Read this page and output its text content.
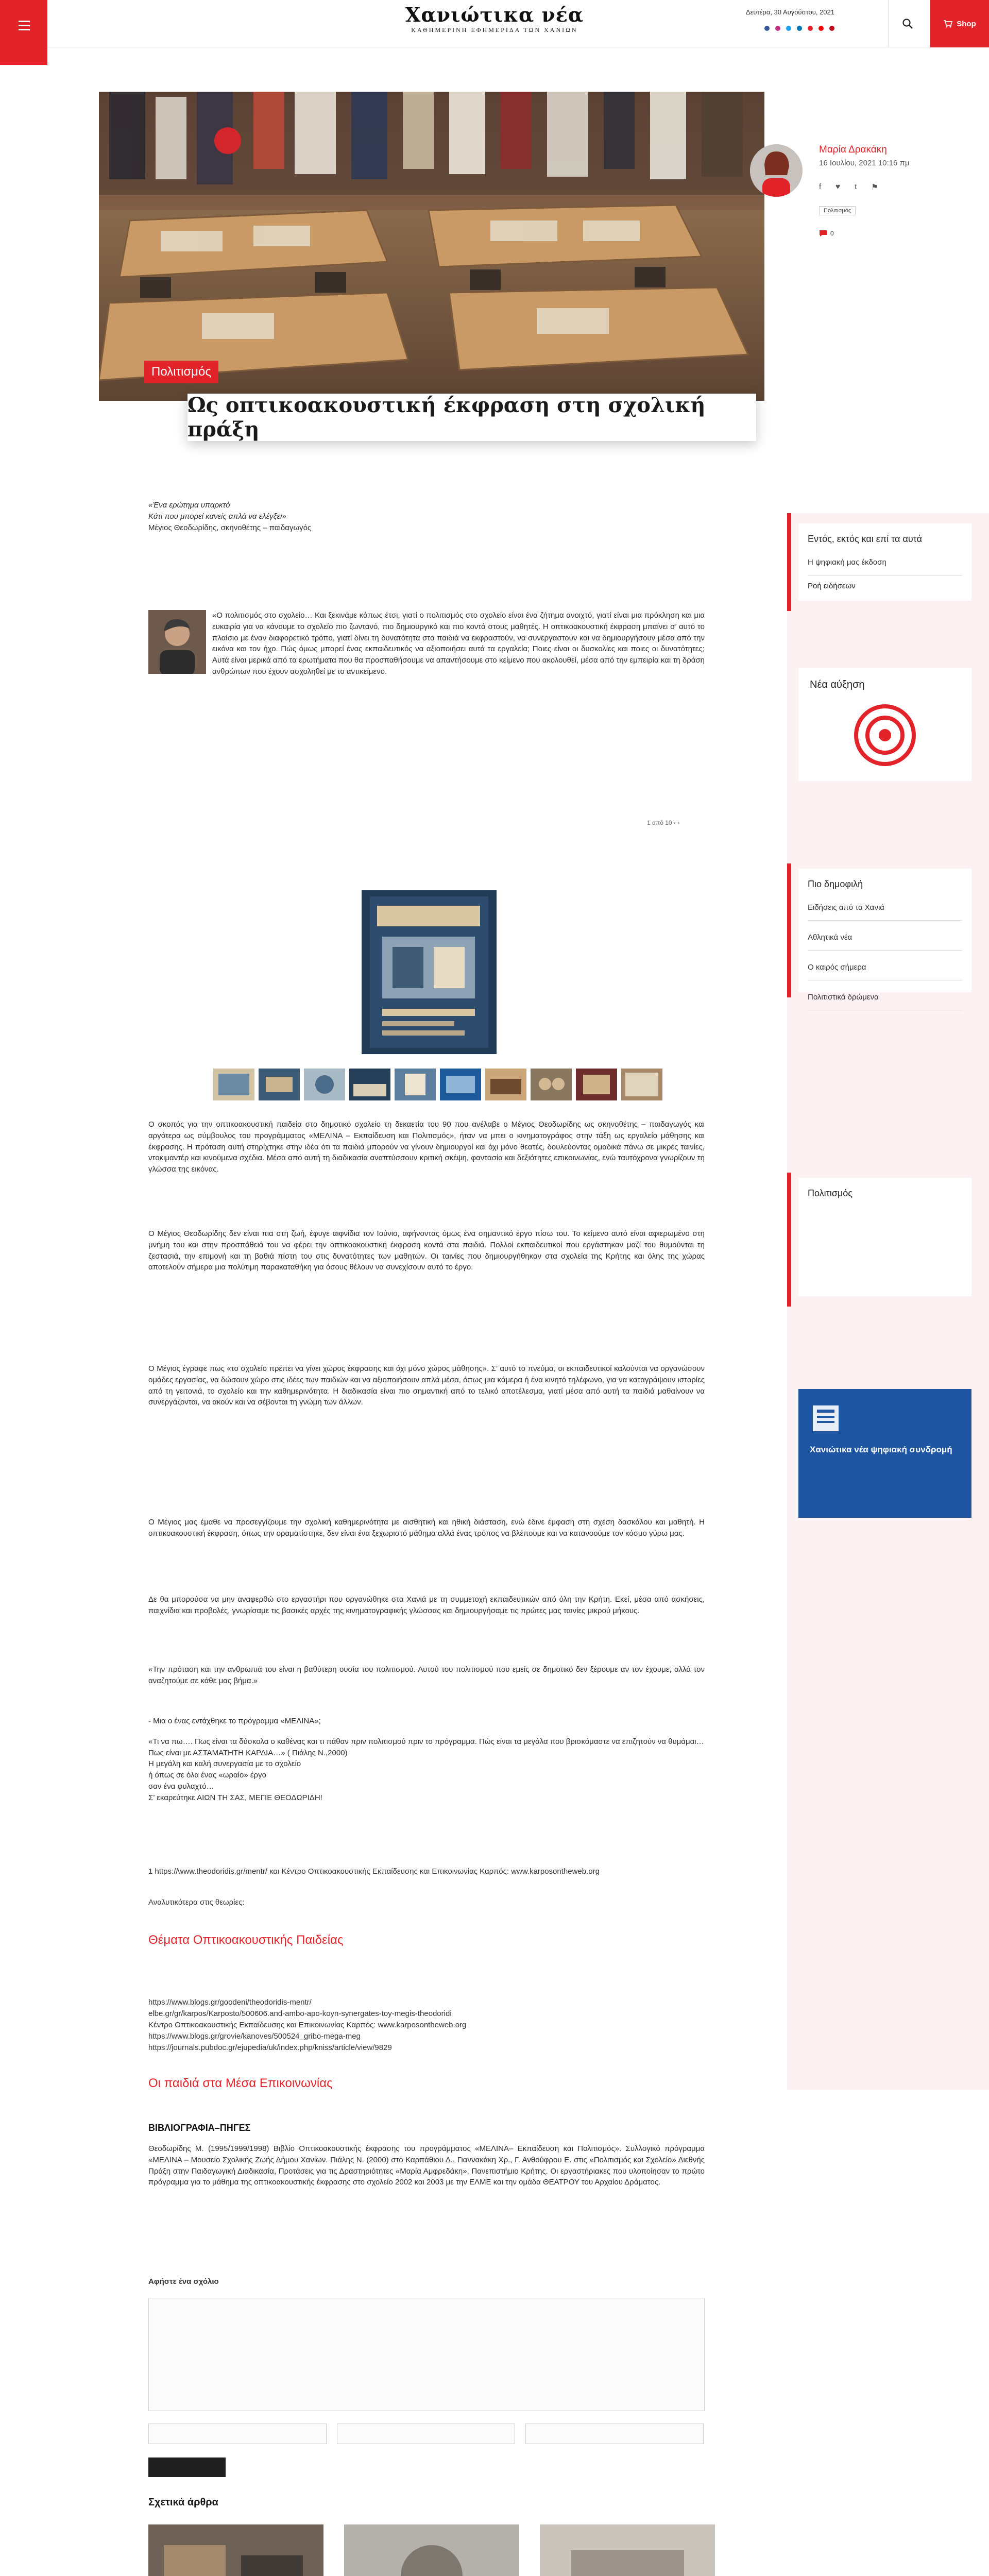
Χανιώτικα νέα
ΚΑΘΗΜΕΡΙΝΗ ΕΦΗΜΕΡΙΔΑ ΤΩΝ ΧΑΝΙΩΝ
Δευτέρα, 30 Αυγούστου, 2021
Shop
Πολιτισμός
Ως οπτικοακουστική έκφραση στη σχολική πράξη
Μαρία Δρακάκη
16 Ιουλίου, 2021 10:16 πμ
f ♥ t ⚑
Πολιτισμός
0

«Ένα ερώτημα υπαρκτό

Κάτι που μπορεί κανείς απλά να ελέγξει»

Μέγιος Θεοδωρίδης, σκηνοθέτης – παιδαγωγός

«Ο πολιτισμός στο σχολείο… Και ξεκινάμε κάπως έτσι, γιατί ο πολιτισμός στο σχολείο είναι ένα ζήτημα ανοιχτό, γιατί είναι μια πρόκληση και μια ευκαιρία για να κάνουμε το σχολείο πιο ζωντανό, πιο δημιουργικό και πιο κοντά στους μαθητές. Η οπτικοακουστική έκφραση μπαίνει σ’ αυτό το πλαίσιο με έναν διαφορετικό τρόπο, γιατί δίνει τη δυνατότητα στα παιδιά να εκφραστούν, να συνεργαστούν και να δημιουργήσουν μέσα από την εικόνα και τον ήχο. Πώς όμως μπορεί ένας εκπαιδευτικός να αξιοποιήσει αυτά τα εργαλεία; Ποιες είναι οι δυσκολίες και ποιες οι δυνατότητες; Αυτά είναι μερικά από τα ερωτήματα που θα προσπαθήσουμε να απαντήσουμε στο κείμενο που ακολουθεί, μέσα από την εμπειρία και τη δράση ανθρώπων που έχουν ασχοληθεί με το αντικείμενο.

1 από 10 ‹ ›

Ο σκοπός για την οπτικοακουστική παιδεία στο δημοτικό σχολείο τη δεκαετία του 90 που ανέλαβε ο Μέγιος Θεοδωρίδης ως σκηνοθέτης – παιδαγωγός και αργότερα ως σύμβουλος του προγράμματος «ΜΕΛΙΝΑ – Εκπαίδευση και Πολιτισμός», ήταν να μπει ο κινηματογράφος στην τάξη ως εργαλείο μάθησης και έκφρασης. Η πρόταση αυτή στηρίχτηκε στην ιδέα ότι τα παιδιά μπορούν να γίνουν δημιουργοί και όχι μόνο θεατές, δουλεύοντας ομαδικά πάνω σε μικρές ταινίες, ντοκιμαντέρ και κινούμενα σχέδια. Μέσα από αυτή τη διαδικασία αναπτύσσουν κριτική σκέψη, φαντασία και δεξιότητες επικοινωνίας, ενώ ταυτόχρονα γνωρίζουν τη γλώσσα της εικόνας.

Ο Μέγιος Θεοδωρίδης δεν είναι πια στη ζωή, έφυγε αιφνίδια τον Ιούνιο, αφήνοντας όμως ένα σημαντικό έργο πίσω του. Το κείμενο αυτό είναι αφιερωμένο στη μνήμη του και στην προσπάθειά του να φέρει την οπτικοακουστική έκφραση κοντά στα παιδιά. Πολλοί εκπαιδευτικοί που εργάστηκαν μαζί του θυμούνται τη ζεστασιά, την επιμονή και τη βαθιά πίστη του στις δυνατότητες των μαθητών. Οι ταινίες που δημιουργήθηκαν στα σχολεία της Κρήτης και όλης της χώρας αποτελούν σήμερα μια πολύτιμη παρακαταθήκη για όσους θέλουν να συνεχίσουν αυτό το έργο.

Ο Μέγιος έγραφε πως «το σχολείο πρέπει να γίνει χώρος έκφρασης και όχι μόνο χώρος μάθησης». Σ’ αυτό το πνεύμα, οι εκπαιδευτικοί καλούνται να οργανώσουν ομάδες εργασίας, να δώσουν χώρο στις ιδέες των παιδιών και να αξιοποιήσουν απλά μέσα, όπως μια κάμερα ή ένα κινητό τηλέφωνο, για να καταγράψουν ιστορίες από τη γειτονιά, το σχολείο και την καθημερινότητα. Η διαδικασία είναι πιο σημαντική από το τελικό αποτέλεσμα, γιατί μέσα από αυτή τα παιδιά μαθαίνουν να συνεργάζονται, να ακούν και να σέβονται τη γνώμη των άλλων.

Ο Μέγιος μας έμαθε να προσεγγίζουμε την σχολική καθημερινότητα με αισθητική και ηθική διάσταση, ενώ έδινε έμφαση στη σχέση δασκάλου και μαθητή. Η οπτικοακουστική έκφραση, όπως την οραματίστηκε, δεν είναι ένα ξεχωριστό μάθημα αλλά ένας τρόπος να βλέπουμε και να κατανοούμε τον κόσμο γύρω μας.

Δε θα μπορούσα να μην αναφερθώ στο εργαστήρι που οργανώθηκε στα Χανιά με τη συμμετοχή εκπαιδευτικών από όλη την Κρήτη. Εκεί, μέσα από ασκήσεις, παιχνίδια και προβολές, γνωρίσαμε τις βασικές αρχές της κινηματογραφικής γλώσσας και δημιουργήσαμε τις πρώτες μας ταινίες μικρού μήκους.

«Την πρόταση και την ανθρωπιά του είναι η βαθύτερη ουσία του πολιτισμού. Αυτού του πολιτισμού που εμείς σε δημοτικό δεν ξέρουμε αν τον έχουμε, αλλά τον αναζητούμε σε κάθε μας βήμα.»

- Μια ο ένας εντάχθηκε το πρόγραμμα «ΜΕΛΙΝΑ»;

«Τι να πω…. Πως είναι τα δύσκολα ο καθένας και τι πάθαν πριν πολιτισμού πριν το πρόγραμμα. Πώς είναι τα μεγάλα που βρισκόμαστε να επιζητούν να θυμάμαι…

Πως είναι με ΑΣΤΑΜΑΤΗΤΗ ΚΑΡΔΙΑ…» ( Πιάλης Ν.,2000)

Η μεγάλη και καλή συνεργασία με το σχολείο

ή όπως σε όλα ένας «ωραίο» έργο

σαν ένα φυλαχτό…

Σ’ εκαρεύτηκε ΑΙΩΝ ΤΗ ΣΑΣ, ΜΕΓΙΕ ΘΕΟΔΩΡΙΔΗ!

1 https://www.theodoridis.gr/mentr/ και Κέντρο Οπτικοακουστικής Εκπαίδευσης και Επικοινωνίας Καρπός: www.karposontheweb.org
Αναλυτικότερα στις θεωρίες:
Θέματα Οπτικοακουστικής Παιδείας
https://www.blogs.gr/goodeni/theodoridis-mentr/
elbe.gr/gr/karpos/Karposto/500606.and-ambo-apo-koyn-synergates-toy-megis-theodoridi
Κέντρο Οπτικοακουστικής Εκπαίδευσης και Επικοινωνίας Καρπός: www.karposontheweb.org
https://www.blogs.gr/grovie/kanoves/500524_gribo-mega-meg
https://journals.pubdoc.gr/ejupedia/uk/index.php/kniss/article/view/9829
Οι παιδιά στα Μέσα Επικοινωνίας
ΒΙΒΛΙΟΓΡΑΦΙΑ–ΠΗΓΕΣ

Θεοδωρίδης Μ. (1995/1999/1998) Βιβλίο Οπτικοακουστικής έκφρασης του προγράμματος «ΜΕΛΙΝΑ– Εκπαίδευση και Πολιτισμός». Συλλογικό πρόγραμμα «ΜΕΛΙΝΑ – Μουσείο Σχολικής Ζωής Δήμου Χανίων. Πιάλης Ν. (2000) στο Καρπάθιου Δ., Γιαννακάκη Χρ., Γ. Ανθούφρου Ε. στις «Πολιτισμός και Σχολείο» Διεθνής Πράξη στην Παιδαγωγική Διαδικασία, Προτάσεις για τις Δραστηριότητες «Μαρία Αμφρεδάκη», Πανεπιστήμιο Κρήτης. Οι εργαστήριακες που υλοποίησαν το πρώτο πρόγραμμα για το μάθημα της οπτικοακουστικής έκφρασης στο σχολείο 2002 και 2003 με την ΕΛΜΕ και την ομάδα ΘΕΑΤΡΟΥ του Αρχαίου Δράματος.

Αφήστε ένα σχόλιο
Σχετικά άρθρα
Εντός, εκτός και επί τα αυτά
Η ψηφιακή μας έκδοση
Ροή ειδήσεων
Νέα αύξηση
Πιο δημοφιλή
Ειδήσεις από τα Χανιά
Αθλητικά νέα
Ο καιρός σήμερα
Πολιτιστικά δρώμενα
Πολιτισμός
Χανιώτικα νέα ψηφιακή συνδρομή
